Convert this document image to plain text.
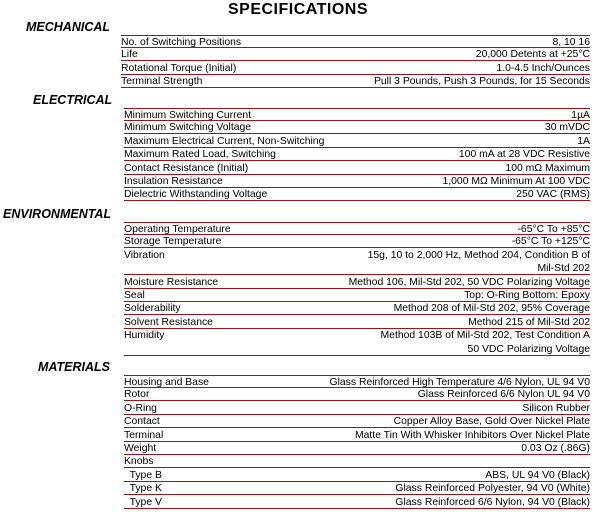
SPECIFICATIONS
MECHANICAL
No. of Switching Positions	8, 10 16
Life	20,000 Detents at +25°C
Rotational Torque (Initial)	1.0-4.5 Inch/Ounces
Terminal Strength	Pull 3 Pounds, Push 3 Pounds, for 15 Seconds
ELECTRICAL
Minimum Switching Current	1µA
Minimum Switching Voltage	30 mVDC
Maximum Electrical Current, Non-Switching	1A
Maximum Rated Load, Switching	100 mA at 28 VDC Resistive
Contact Resistance (Initial)	100 mΩ Maximum
Insulation Resistance	1,000 MΩ Minimum At 100 VDC
Dielectric Withstanding Voltage	250 VAC (RMS)
ENVIRONMENTAL
Operating Temperature	-65°C To +85°C
Storage Temperature	-65°C To +125°C
Vibration	15g, 10 to 2,000 Hz, Method 204, Condition B of
Mil-Std 202
Moisture Resistance	Method 106, Mil-Std 202, 50 VDC Polarizing Voltage
Seal	Top: O-Ring Bottom: Epoxy
Solderability	Method 208 of Mil-Std 202, 95% Coverage
Solvent Resistance	Method 215 of Mil-Std 202
Humidity	Method 103B of Mil-Std 202, Test Condition A
50 VDC Polarizing Voltage
MATERIALS
Housing and Base	Glass Reinforced High Temperature 4/6 Nylon, UL 94 V0
Rotor	Glass Reinforced 6/6 Nylon UL 94 V0
O-Ring	Silicon Rubber
Contact	Copper Alloy Base, Gold Over Nickel Plate
Terminal	Matte Tin With Whisker Inhibitors Over Nickel Plate
Weight	0.03 Oz (.86G)
Knobs
Type B	ABS, UL 94 V0 (Black)
Type K	Glass Reinforced Polyester, 94 V0 (White)
Type V	Glass Reinforced 6/6 Nylon, 94 V0 (Black)
